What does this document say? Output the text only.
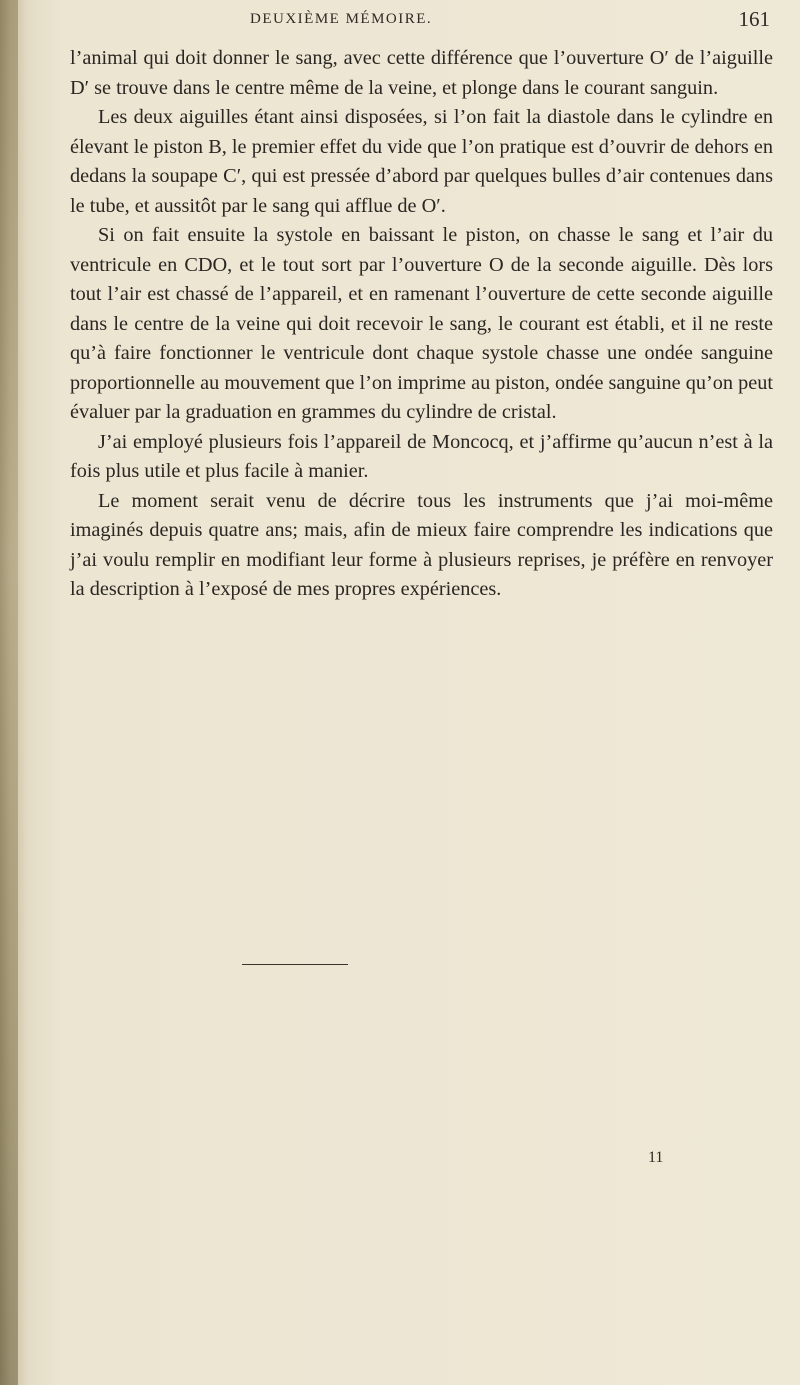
DEUXIÈME MÉMOIRE.	161

l’animal qui doit donner le sang, avec cette différence que l’ouverture O′ de l’aiguille D′ se trouve dans le centre même de la veine, et plonge dans le courant sanguin.

Les deux aiguilles étant ainsi disposées, si l’on fait la diastole dans le cylindre en élevant le piston B, le premier effet du vide que l’on pratique est d’ouvrir de dehors en dedans la soupape C′, qui est pressée d’abord par quelques bulles d’air contenues dans le tube, et aussitôt par le sang qui afflue de O′.

Si on fait ensuite la systole en baissant le piston, on chasse le sang et l’air du ventricule en CDO, et le tout sort par l’ouverture O de la seconde aiguille. Dès lors tout l’air est chassé de l’appareil, et en ramenant l’ouverture de cette seconde aiguille dans le centre de la veine qui doit recevoir le sang, le courant est établi, et il ne reste qu’à faire fonctionner le ventricule dont chaque systole chasse une ondée sanguine proportionnelle au mouvement que l’on imprime au piston, ondée sanguine qu’on peut évaluer par la graduation en grammes du cylindre de cristal.

J’ai employé plusieurs fois l’appareil de Moncocq, et j’affirme qu’aucun n’est à la fois plus utile et plus facile à manier.

Le moment serait venu de décrire tous les instruments que j’ai moi-même imaginés depuis quatre ans; mais, afin de mieux faire comprendre les indications que j’ai voulu remplir en modifiant leur forme à plusieurs reprises, je préfère en renvoyer la description à l’exposé de mes propres expériences.

11
